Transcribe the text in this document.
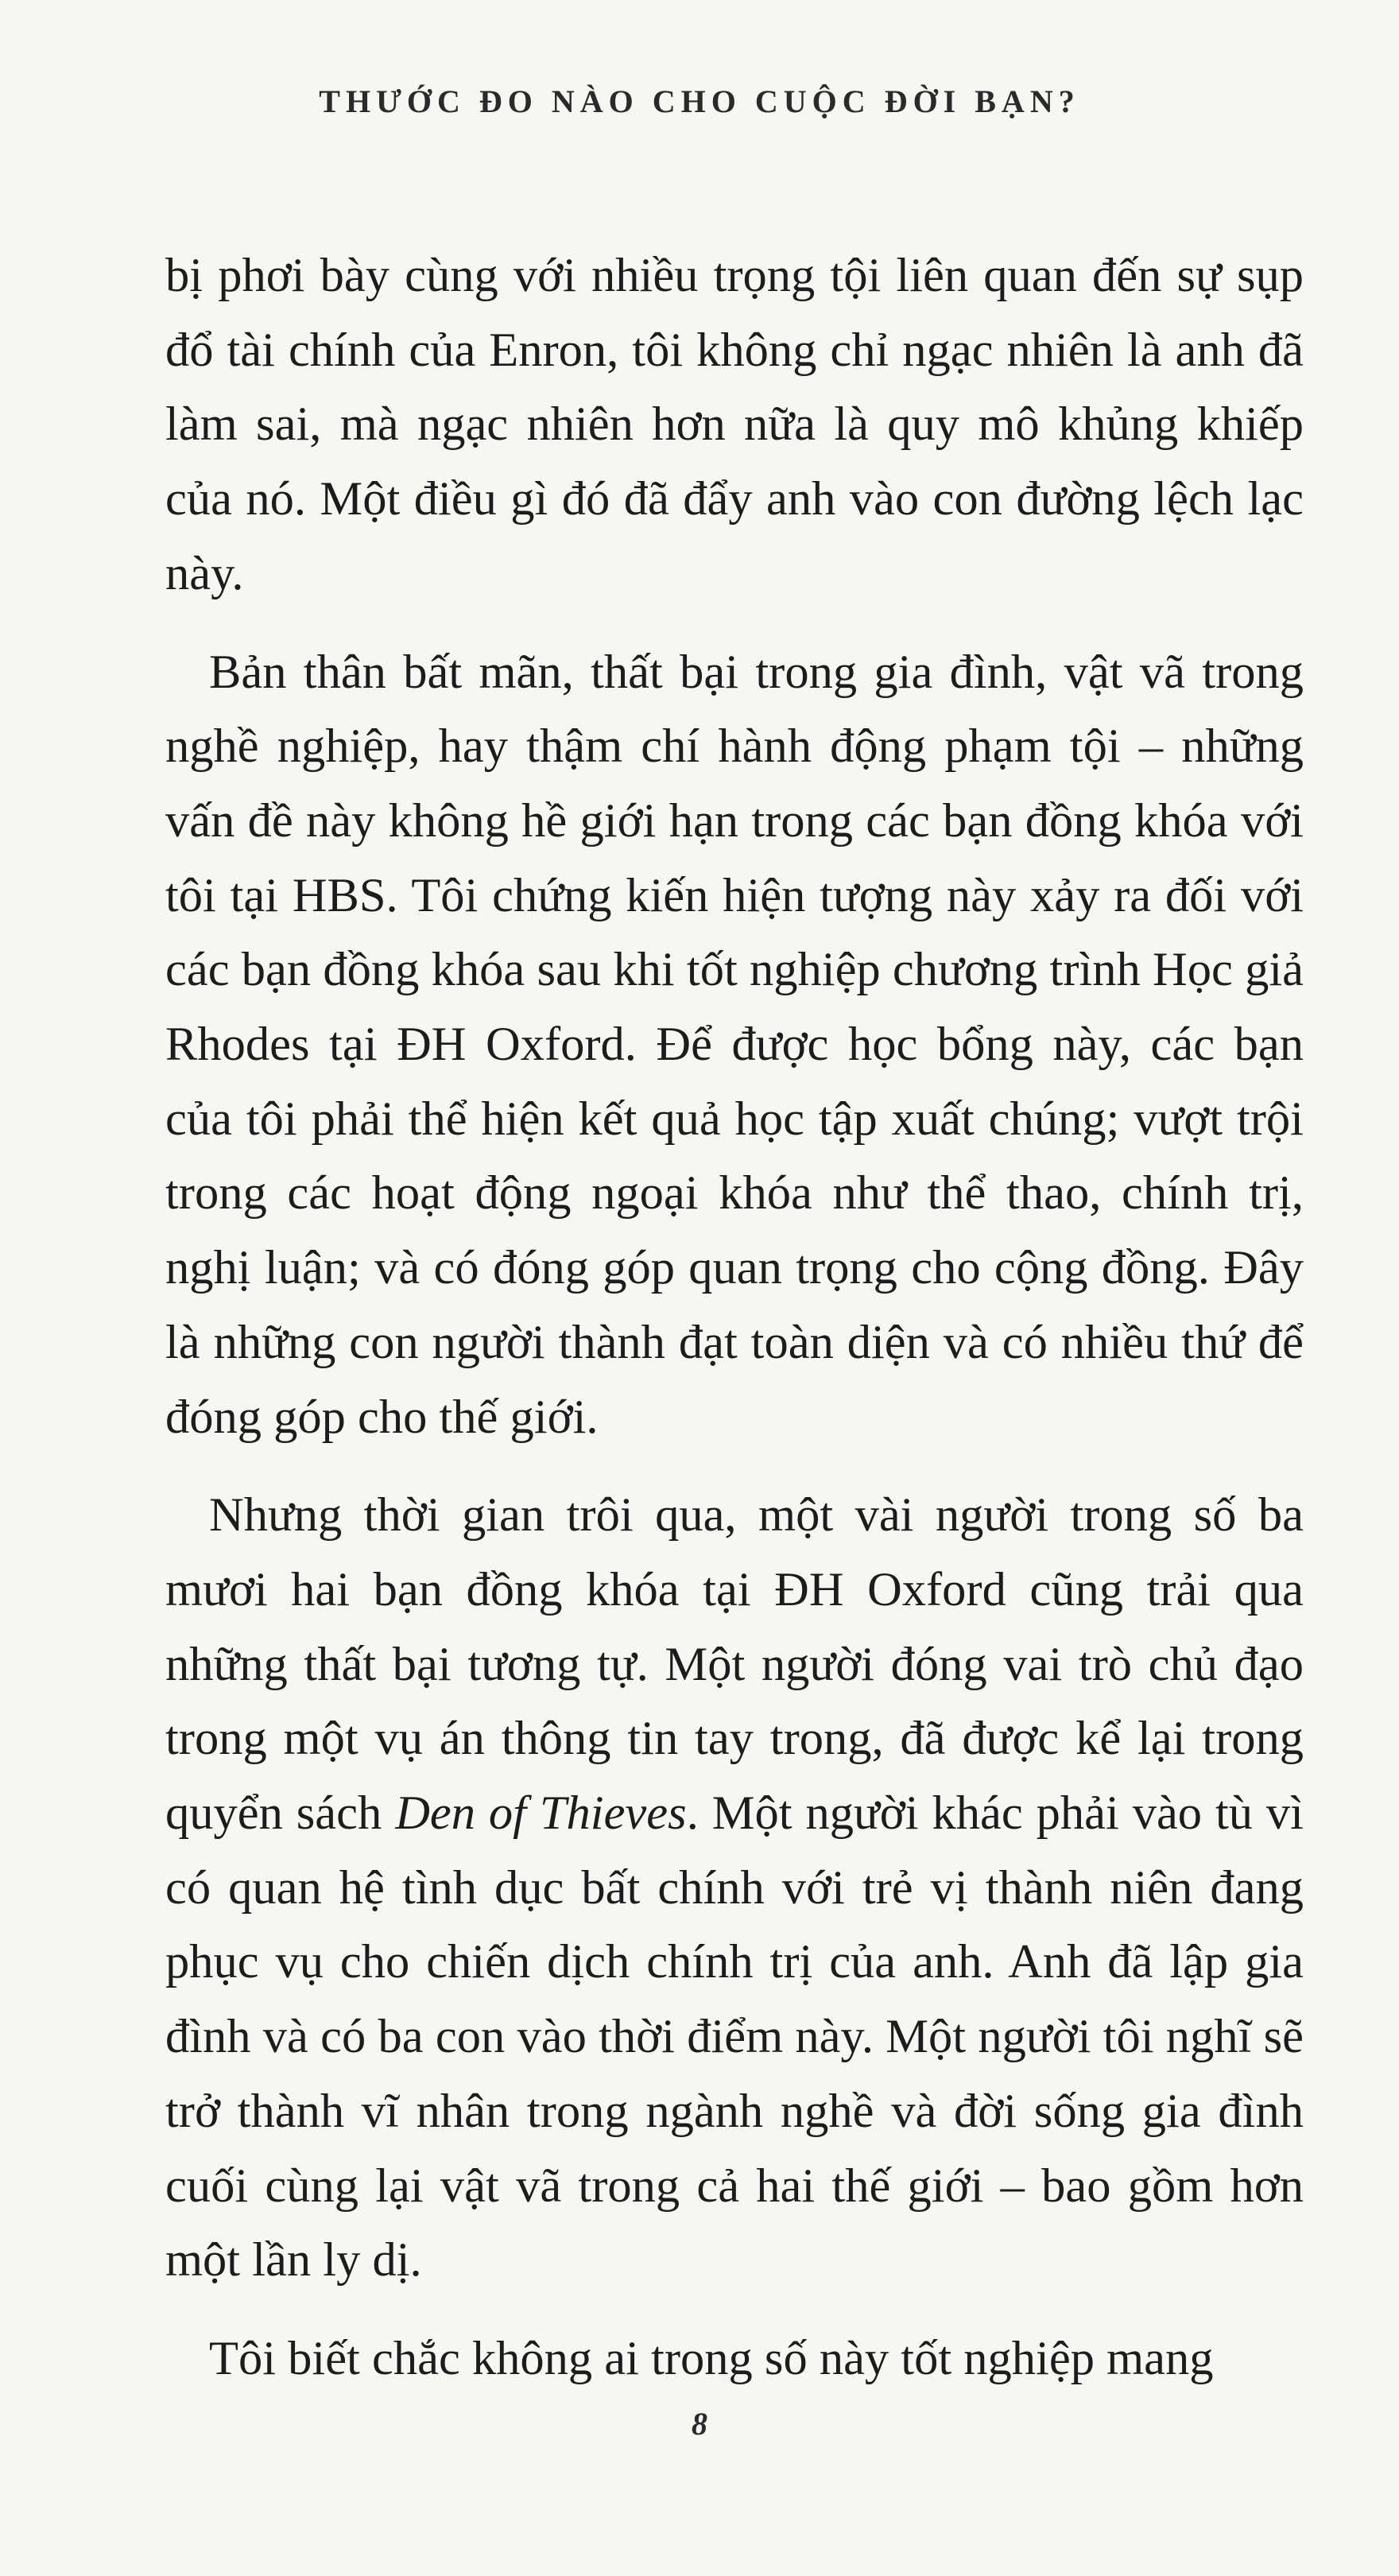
THƯỚC ĐO NÀO CHO CUỘC ĐỜI BẠN?

bị phơi bày cùng với nhiều trọng tội liên quan đến sự sụp đổ tài chính của Enron, tôi không chỉ ngạc nhiên là anh đã làm sai, mà ngạc nhiên hơn nữa là quy mô khủng khiếp của nó. Một điều gì đó đã đẩy anh vào con đường lệch lạc này.

Bản thân bất mãn, thất bại trong gia đình, vật vã trong nghề nghiệp, hay thậm chí hành động phạm tội – những vấn đề này không hề giới hạn trong các bạn đồng khóa với tôi tại HBS. Tôi chứng kiến hiện tượng này xảy ra đối với các bạn đồng khóa sau khi tốt nghiệp chương trình Học giả Rhodes tại ĐH Oxford. Để được học bổng này, các bạn của tôi phải thể hiện kết quả học tập xuất chúng; vượt trội trong các hoạt động ngoại khóa như thể thao, chính trị, nghị luận; và có đóng góp quan trọng cho cộng đồng. Đây là những con người thành đạt toàn diện và có nhiều thứ để đóng góp cho thế giới.

Nhưng thời gian trôi qua, một vài người trong số ba mươi hai bạn đồng khóa tại ĐH Oxford cũng trải qua những thất bại tương tự. Một người đóng vai trò chủ đạo trong một vụ án thông tin tay trong, đã được kể lại trong quyển sách Den of Thieves. Một người khác phải vào tù vì có quan hệ tình dục bất chính với trẻ vị thành niên đang phục vụ cho chiến dịch chính trị của anh. Anh đã lập gia đình và có ba con vào thời điểm này. Một người tôi nghĩ sẽ trở thành vĩ nhân trong ngành nghề và đời sống gia đình cuối cùng lại vật vã trong cả hai thế giới – bao gồm hơn một lần ly dị.

Tôi biết chắc không ai trong số này tốt nghiệp mang

8
